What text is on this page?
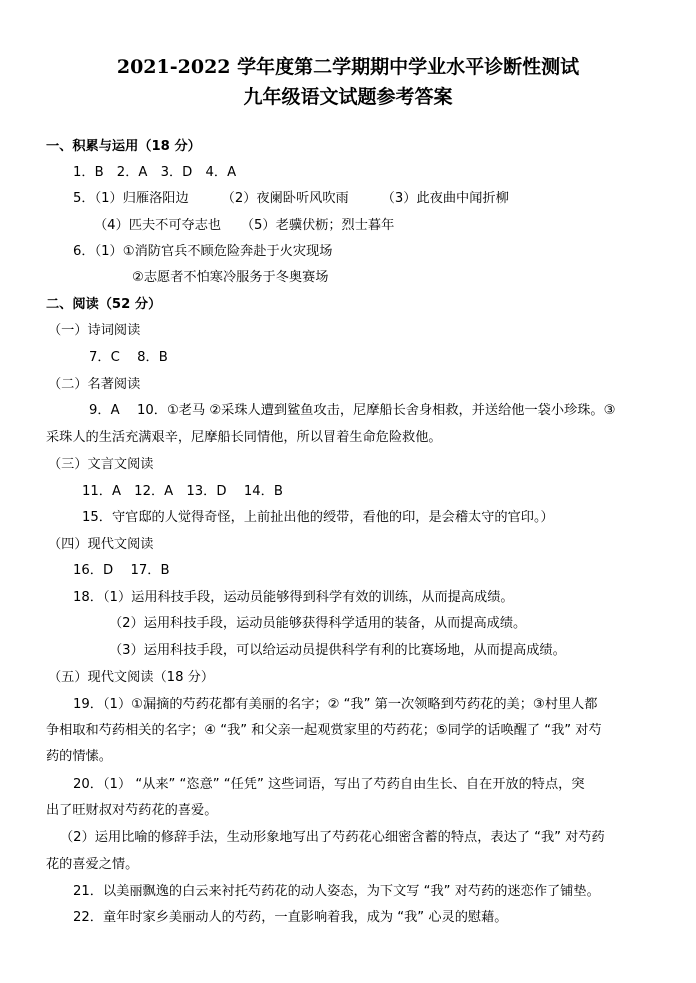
2021-2022 学年度第二学期期中学业水平诊断性测试
九年级语文试题参考答案
一、积累与运用（18 分）
1．B　2．A　3．D　4．A
5．（1）归雁洛阳边　　　（2）夜阑卧听风吹雨　　　（3）此夜曲中闻折柳
（4）匹夫不可夺志也　　（5）老骥伏枥；烈士暮年
6．（1）①消防官兵不顾危险奔赴于火灾现场
②志愿者不怕寒冷服务于冬奥赛场
二、阅读（52 分）
（一）诗词阅读
7．C　 8．B
（二）名著阅读
9．A　 10．①老马 ②采珠人遭到鲨鱼攻击，尼摩船长舍身相救，并送给他一袋小珍珠。③
采珠人的生活充满艰辛，尼摩船长同情他，所以冒着生命危险救他。
（三）文言文阅读
11．A　12．A　13．D　 14．B
15．守官邸的人觉得奇怪，上前扯出他的绶带，看他的印，是会稽太守的官印。）
（四）现代文阅读
16．D　 17．B
18．（1）运用科技手段，运动员能够得到科学有效的训练，从而提高成绩。
（2）运用科技手段，运动员能够获得科学适用的装备，从而提高成绩。
（3）运用科技手段，可以给运动员提供科学有利的比赛场地，从而提高成绩。
（五）现代文阅读（18 分）
19．（1）①漏摘的芍药花都有美丽的名字；② “我” 第一次领略到芍药花的美；③村里人都
争相取和芍药相关的名字；④ “我” 和父亲一起观赏家里的芍药花；⑤同学的话唤醒了 “我” 对芍
药的情愫。
20．（1） “从来” “恣意” “任凭” 这些词语，写出了芍药自由生长、自在开放的特点，突
出了旺财叔对芍药花的喜爱。
（2）运用比喻的修辞手法，生动形象地写出了芍药花心细密含蓄的特点，表达了 “我” 对芍药
花的喜爱之情。
21．以美丽飘逸的白云来衬托芍药花的动人姿态，为下文写 “我” 对芍药的迷恋作了铺垫。
22．童年时家乡美丽动人的芍药，一直影响着我，成为 “我” 心灵的慰藉。
